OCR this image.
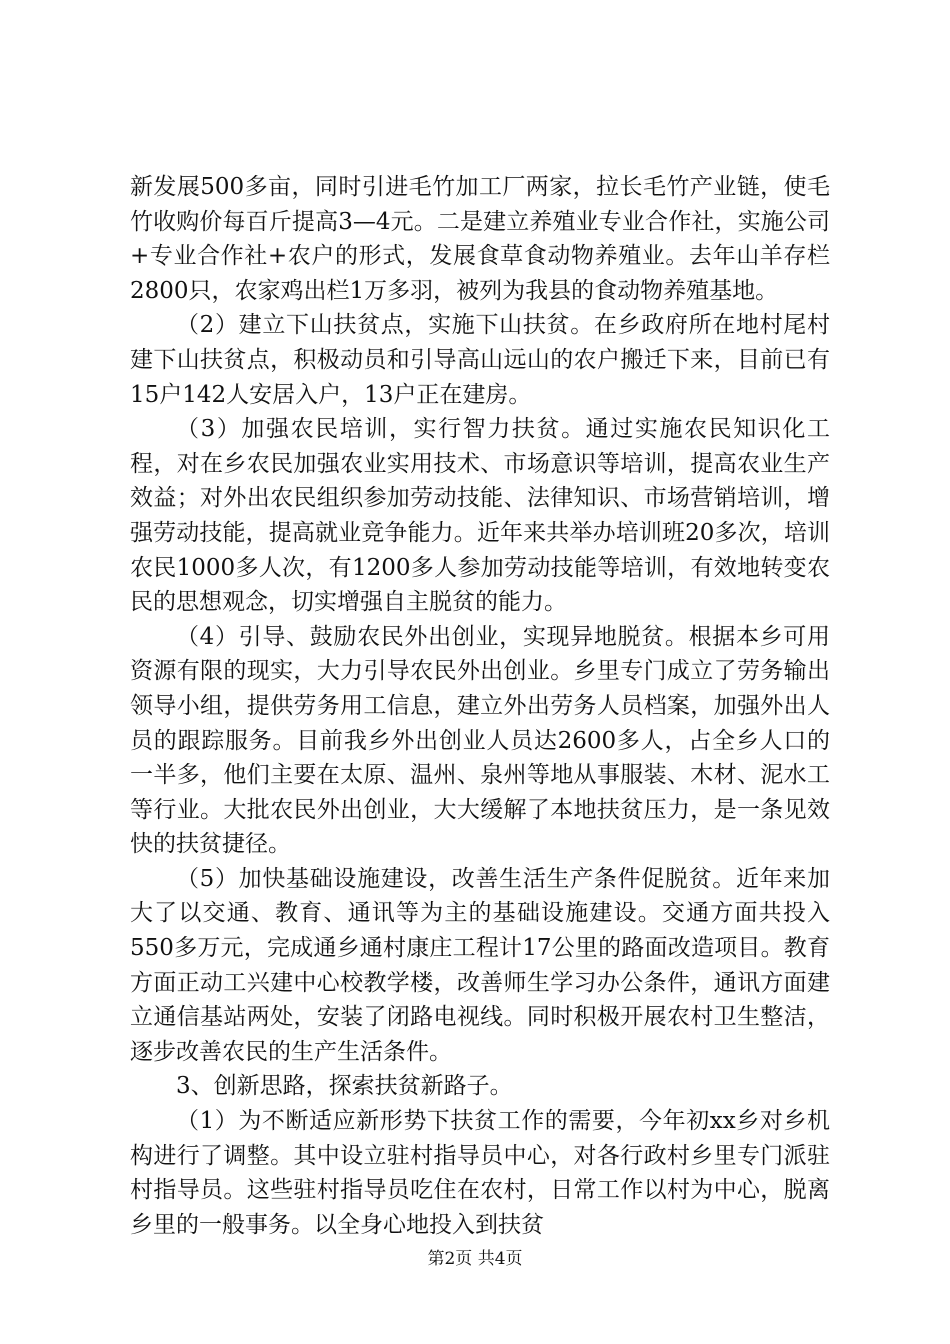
新发展500多亩，同时引进毛竹加工厂两家，拉长毛竹产业链，使毛竹收购价每百斤提高3—4元。二是建立养殖业专业合作社，实施公司+专业合作社+农户的形式，发展食草食动物养殖业。去年山羊存栏2800只，农家鸡出栏1万多羽，被列为我县的食动物养殖基地。

（2）建立下山扶贫点，实施下山扶贫。在乡政府所在地村尾村建下山扶贫点，积极动员和引导高山远山的农户搬迁下来，目前已有15户142人安居入户，13户正在建房。

（3）加强农民培训，实行智力扶贫。通过实施农民知识化工程，对在乡农民加强农业实用技术、市场意识等培训，提高农业生产效益；对外出农民组织参加劳动技能、法律知识、市场营销培训，增强劳动技能，提高就业竞争能力。近年来共举办培训班20多次，培训农民1000多人次，有1200多人参加劳动技能等培训，有效地转变农民的思想观念，切实增强自主脱贫的能力。

（4）引导、鼓励农民外出创业，实现异地脱贫。根据本乡可用资源有限的现实，大力引导农民外出创业。乡里专门成立了劳务输出领导小组，提供劳务用工信息，建立外出劳务人员档案，加强外出人员的跟踪服务。目前我乡外出创业人员达2600多人，占全乡人口的一半多，他们主要在太原、温州、泉州等地从事服装、木材、泥水工等行业。大批农民外出创业，大大缓解了本地扶贫压力，是一条见效快的扶贫捷径。

（5）加快基础设施建设，改善生活生产条件促脱贫。近年来加大了以交通、教育、通讯等为主的基础设施建设。交通方面共投入550多万元，完成通乡通村康庄工程计17公里的路面改造项目。教育方面正动工兴建中心校教学楼，改善师生学习办公条件，通讯方面建立通信基站两处，安装了闭路电视线。同时积极开展农村卫生整洁，逐步改善农民的生产生活条件。

3、创新思路，探索扶贫新路子。

（1）为不断适应新形势下扶贫工作的需要，今年初xx乡对乡机构进行了调整。其中设立驻村指导员中心，对各行政村乡里专门派驻村指导员。这些驻村指导员吃住在农村，日常工作以村为中心，脱离乡里的一般事务。以全身心地投入到扶贫

第2页 共4页
